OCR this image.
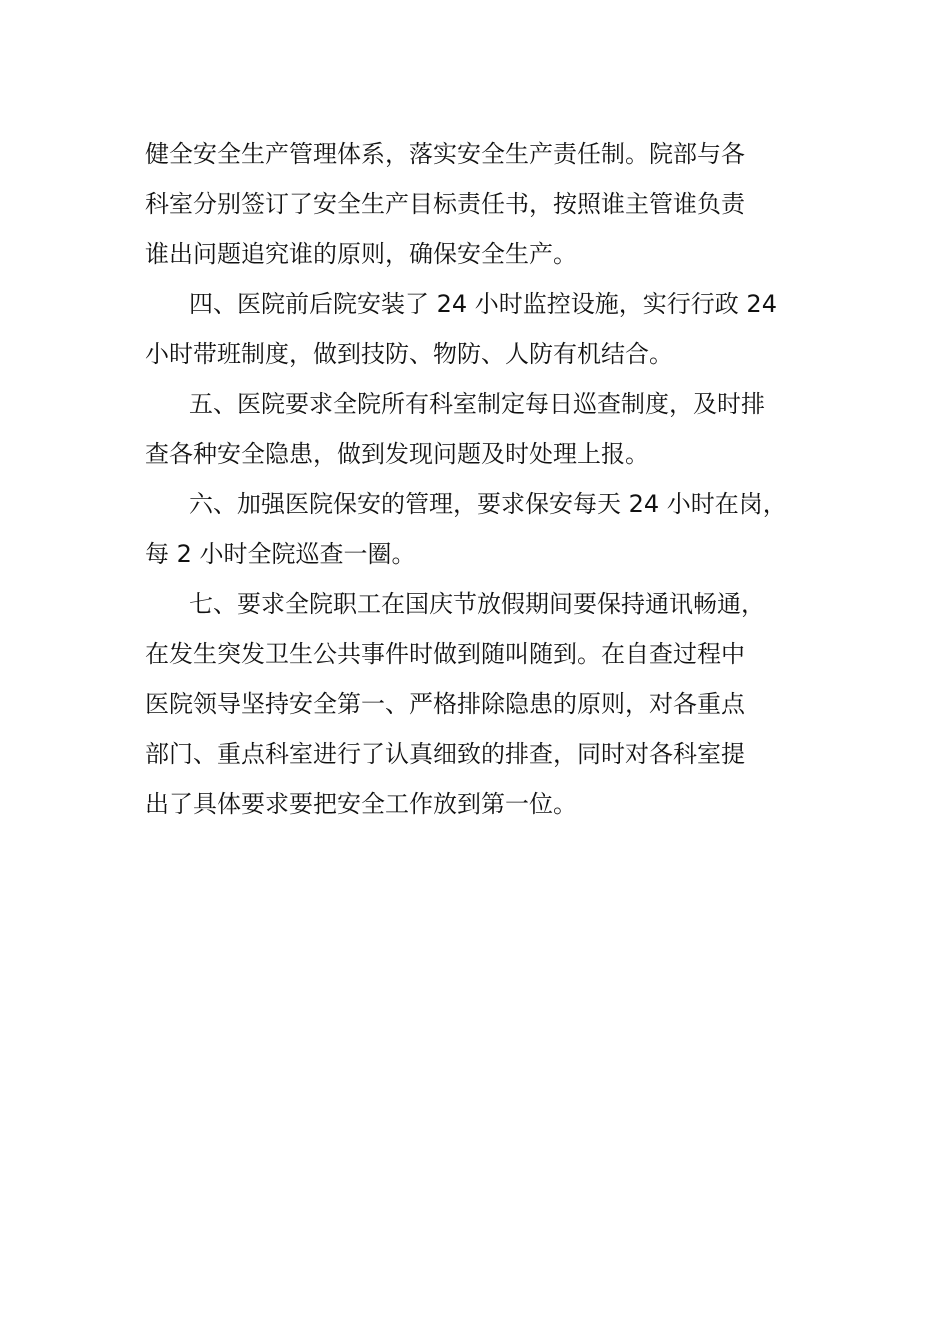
健全安全生产管理体系，落实安全生产责任制。院部与各
科室分别签订了安全生产目标责任书，按照谁主管谁负责
谁出问题追究谁的原则，确保安全生产。
四、医院前后院安装了 24 小时监控设施，实行行政 24
小时带班制度，做到技防、物防、人防有机结合。
五、医院要求全院所有科室制定每日巡查制度，及时排
查各种安全隐患，做到发现问题及时处理上报。
六、加强医院保安的管理，要求保安每天 24 小时在岗，
每 2 小时全院巡查一圈。
七、要求全院职工在国庆节放假期间要保持通讯畅通，
在发生突发卫生公共事件时做到随叫随到。在自查过程中
医院领导坚持安全第一、严格排除隐患的原则，对各重点
部门、重点科室进行了认真细致的排查，同时对各科室提
出了具体要求要把安全工作放到第一位。
